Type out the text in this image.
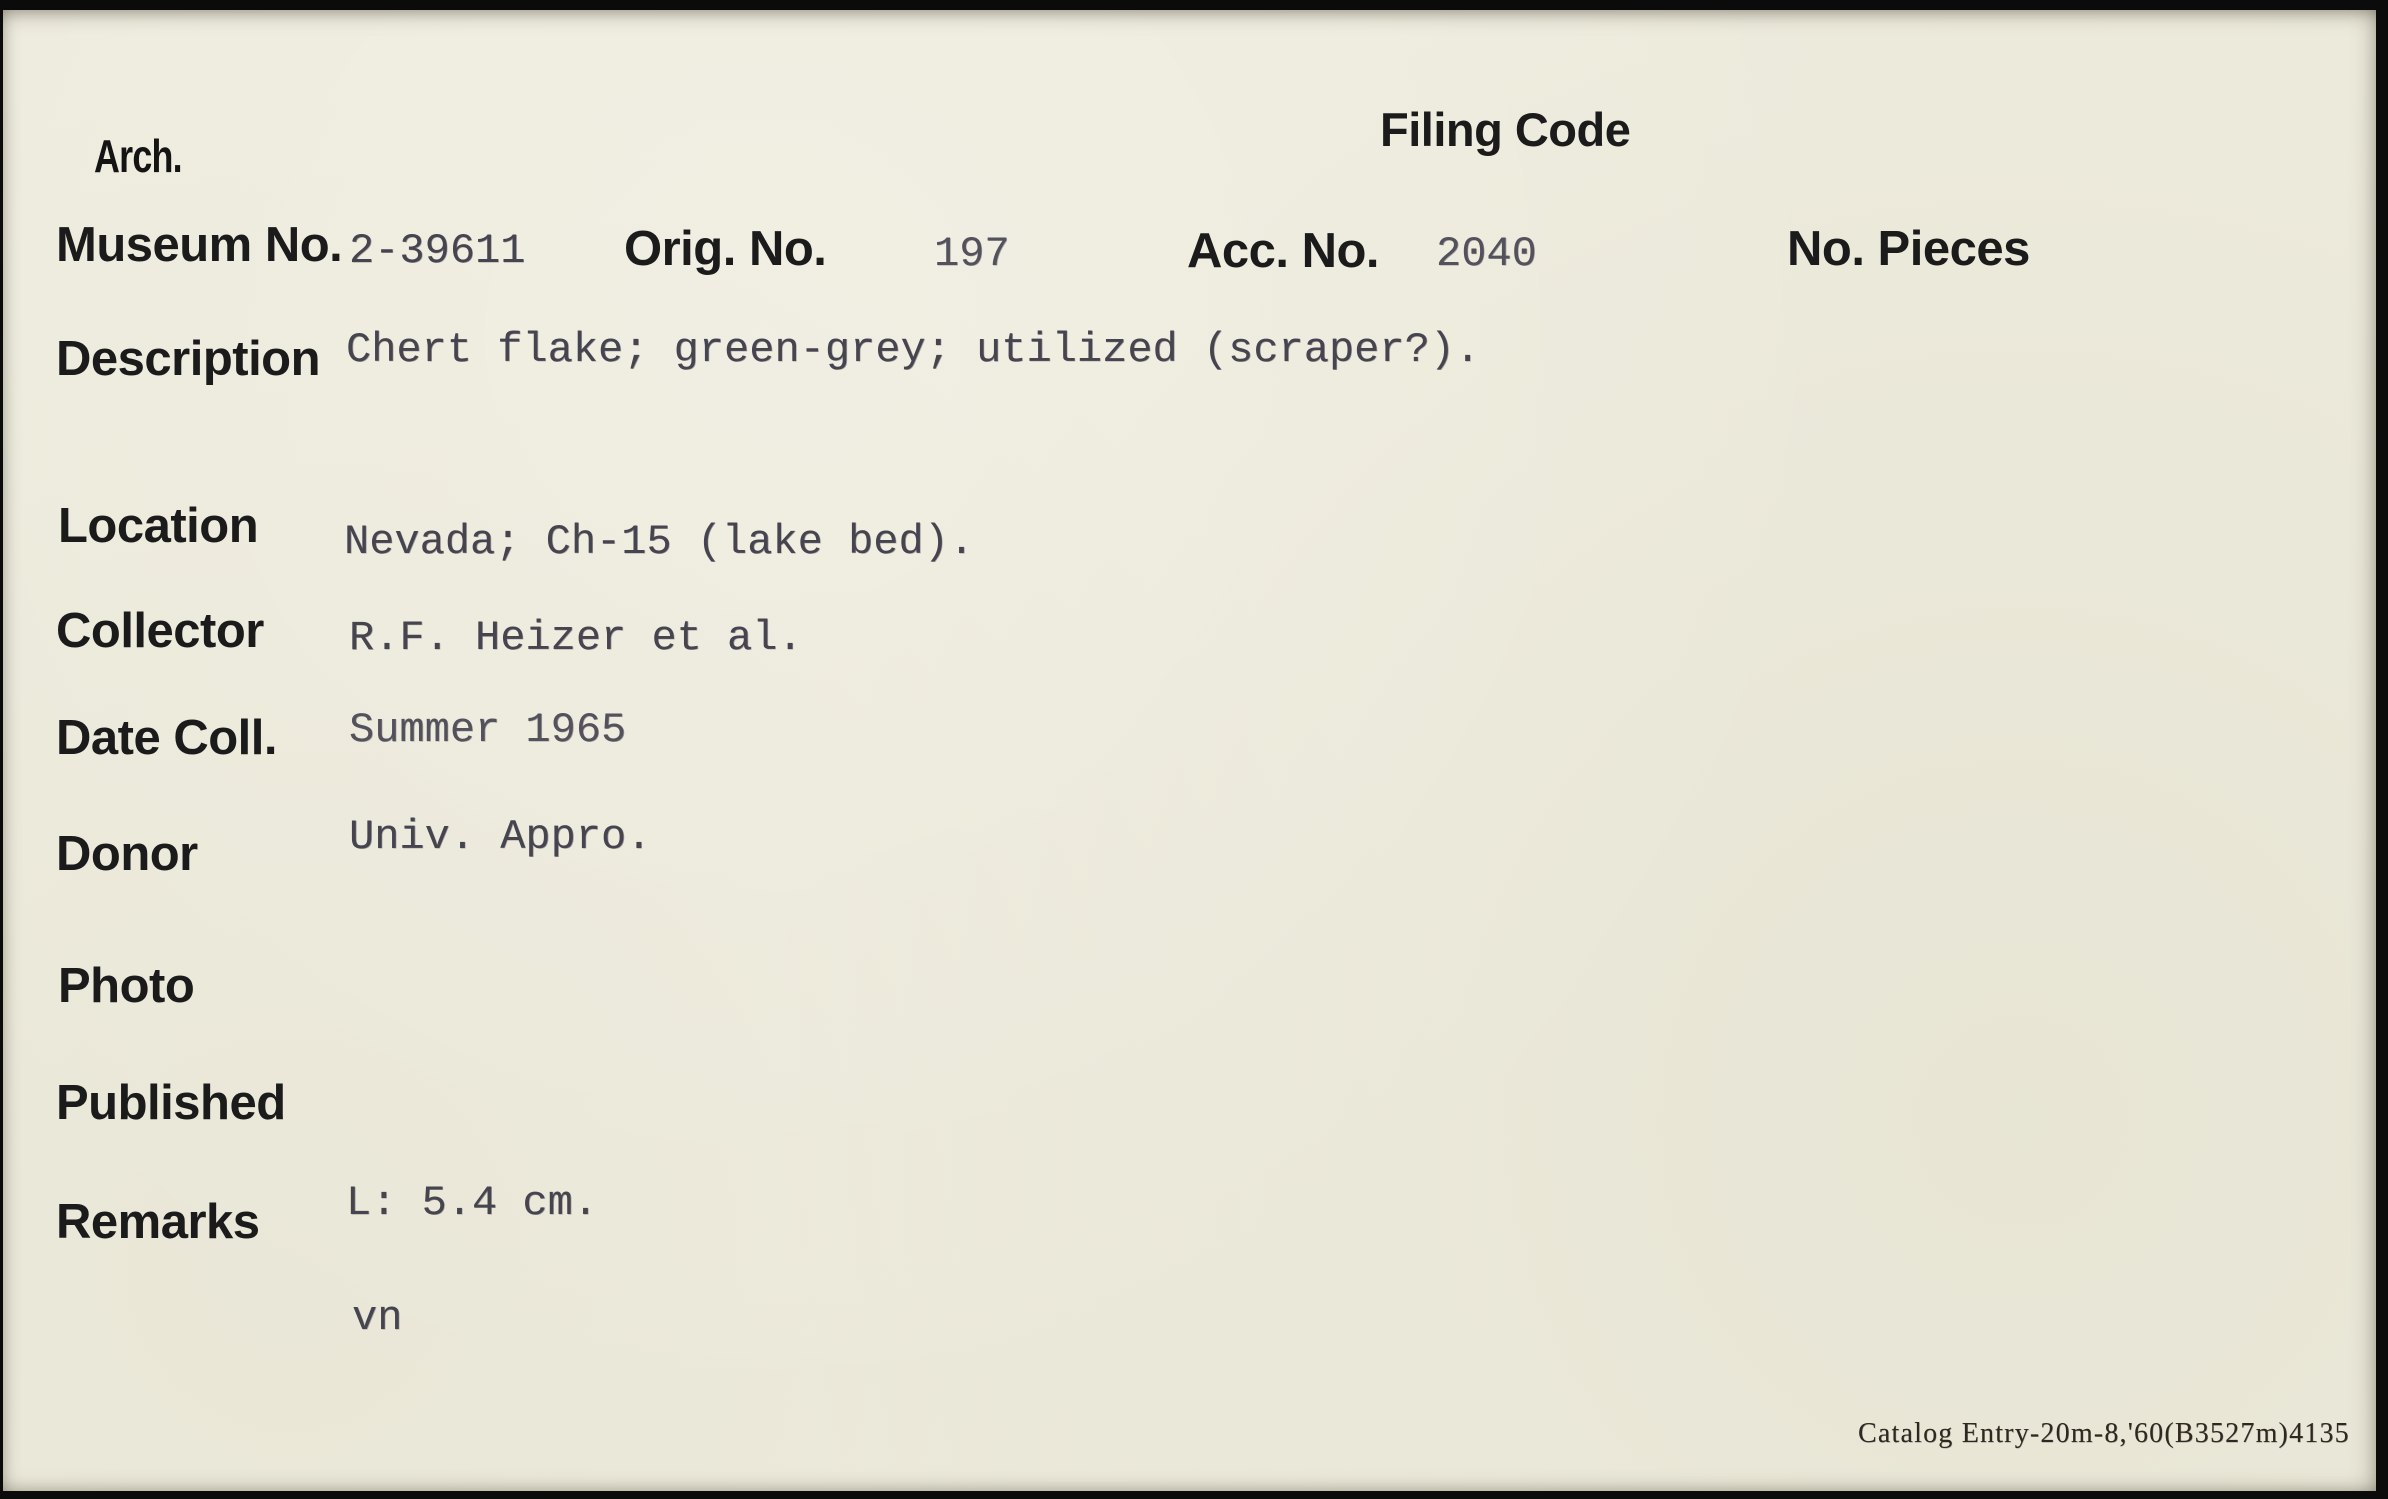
Arch.	Filing Code
Museum No. 2-39611 Orig. No.	197	Acc. No. 2040	No. Pieces
Description Chert flake; green-grey; utilized (scraper?).
Location Nevada; Ch-15 (lake bed).
Collector R.F. Heizer et al.
Date Coll. Summer 1965
Donor	Univ. Appro.
Photo
Published
Remarks L: 5.4 cm.
vn
Catalog Entry-20m-8,'60(B3527m)4135
